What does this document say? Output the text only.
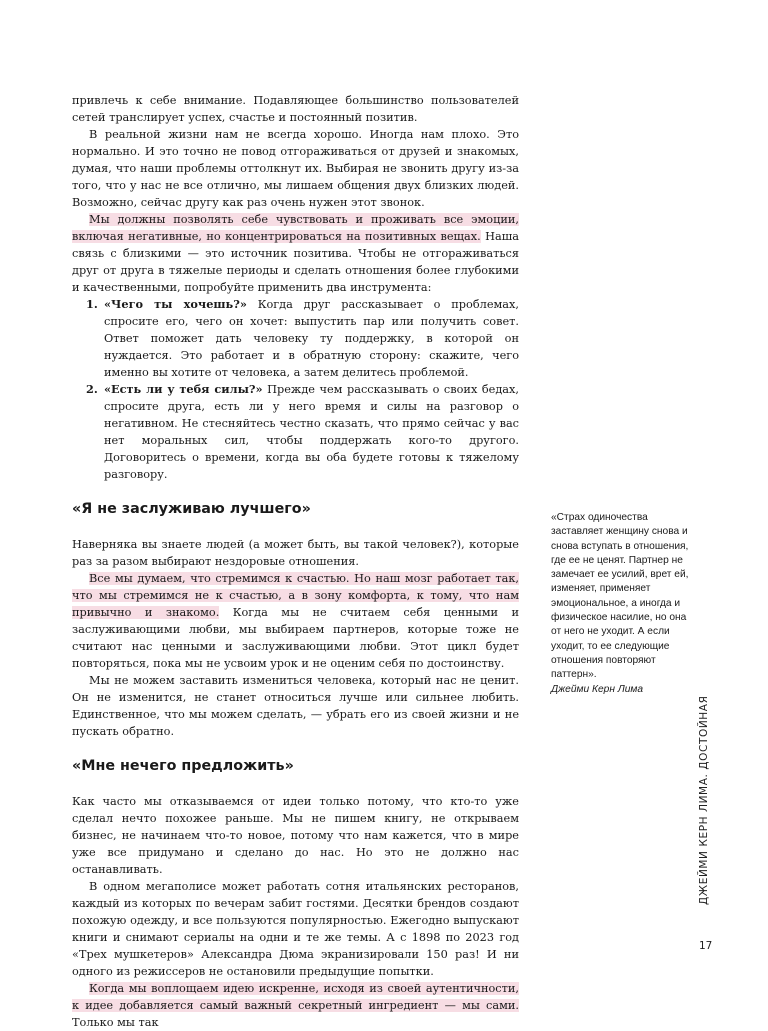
привлечь к себе внимание. Подавляющее большинство пользователей сетей транслирует успех, счастье и постоянный позитив.

В реальной жизни нам не всегда хорошо. Иногда нам плохо. Это нормально. И это точно не повод отгораживаться от друзей и знакомых, думая, что наши проблемы оттолкнут их. Выбирая не звонить другу из-за того, что у нас не все отлично, мы лишаем общения двух близких людей. Возможно, сейчас другу как раз очень нужен этот звонок.

Мы должны позволять себе чувствовать и проживать все эмоции, включая негативные, но концентрироваться на позитивных вещах. Наша связь с близкими — это источник позитива. Чтобы не отгораживаться друг от друга в тяжелые периоды и сделать отношения более глубокими и качественными, попробуйте применить два инструмента:

1. «Чего ты хочешь?» Когда друг рассказывает о проблемах, спросите его, чего он хочет: выпустить пар или получить совет. Ответ поможет дать человеку ту поддержку, в которой он нуждается. Это работает и в обратную сторону: скажите, чего именно вы хотите от человека, а затем делитесь проблемой.
2. «Есть ли у тебя силы?» Прежде чем рассказывать о своих бедах, спросите друга, есть ли у него время и силы на разговор о негативном. Не стесняйтесь честно сказать, что прямо сейчас у вас нет моральных сил, чтобы поддержать кого-то другого. Договоритесь о времени, когда вы оба будете готовы к тяжелому разговору.
«Я не заслуживаю лучшего»

Наверняка вы знаете людей (а может быть, вы такой человек?), которые раз за разом выбирают нездоровые отношения.

Все мы думаем, что стремимся к счастью. Но наш мозг работает так, что мы стремимся не к счастью, а в зону комфорта, к тому, что нам привычно и знакомо. Когда мы не считаем себя ценными и заслуживающими любви, мы выбираем партнеров, которые тоже не считают нас ценными и заслуживающими любви. Этот цикл будет повторяться, пока мы не усвоим урок и не оценим себя по достоинству.

Мы не можем заставить измениться человека, который нас не ценит. Он не изменится, не станет относиться лучше или сильнее любить. Единственное, что мы можем сделать, — убрать его из своей жизни и не пускать обратно.

«Мне нечего предложить»

Как часто мы отказываемся от идеи только потому, что кто-то уже сделал нечто похожее раньше. Мы не пишем книгу, не открываем бизнес, не начинаем что-то новое, потому что нам кажется, что в мире уже все придумано и сделано до нас. Но это не должно нас останавливать.

В одном мегаполисе может работать сотня итальянских ресторанов, каждый из которых по вечерам забит гостями. Десятки брендов создают похожую одежду, и все пользуются популярностью. Ежегодно выпускают книги и снимают сериалы на одни и те же темы. А с 1898 по 2023 год «Трех мушкетеров» Александра Дюма экранизировали 150 раз! И ни одного из режиссеров не остановили предыдущие попытки.

Когда мы воплощаем идею искренне, исходя из своей аутентичности, к идее добавляется самый важный секретный ингредиент — мы сами. Только мы так

«Страх одиночества заставляет женщину снова и снова вступать в отношения, где ее не ценят. Партнер не замечает ее усилий, врет ей, изменяет, применяет эмоциональное, а иногда и физическое насилие, но она от него не уходит. А если уходит, то ее следующие отношения повторяют паттерн».
Джейми Керн Лима
ДЖЕЙМИ КЕРН ЛИМА. ДОСТОЙНАЯ
17
